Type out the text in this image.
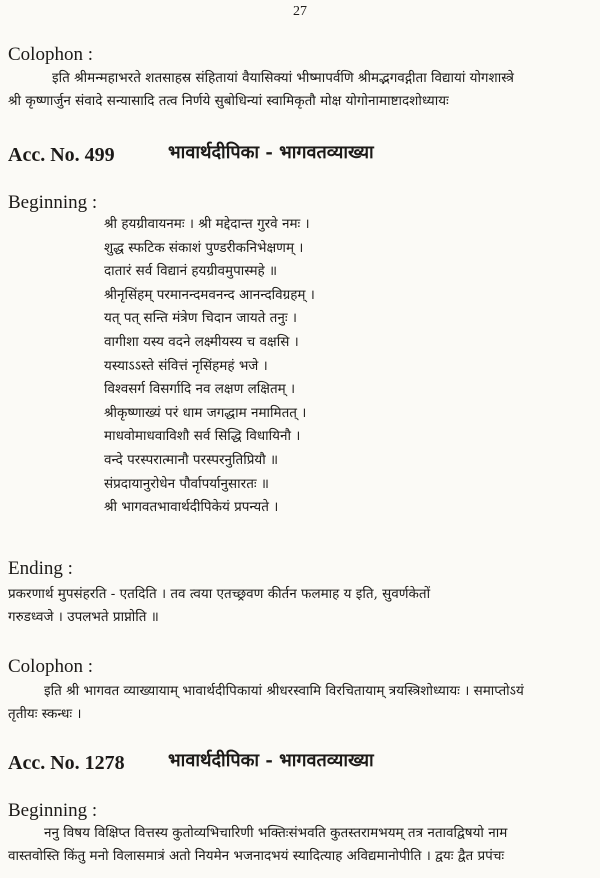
27
Colophon :
इति श्रीमन्महाभरते शतसाहस्र संहितायां वैयासिक्यां भीष्मापर्वणि श्रीमद्भगवद्गीता विद्यायां योगशास्त्रे
श्री कृष्णार्जुन संवादे सन्यासादि तत्व निर्णये सुबोधिन्यां स्वामिकृतौ मोक्ष योगोनामाष्टादशोध्यायः
Acc. No. 499	भावार्थदीपिका - भागवतव्याख्या
Beginning :
श्री हयग्रीवायनमः । श्री मद्देदान्त गुरवे नमः ।
शुद्ध स्फटिक संकाशं पुण्डरीकनिभेक्षणम् ।
दातारं सर्व विद्यानं हयग्रीवमुपास्महे ॥
श्रीनृसिंहम् परमानन्दमवनन्द आनन्दविग्रहम् ।
यत् पत् सन्ति मंत्रेण चिदान जायते तनुः ।
वागीशा यस्य वदने लक्ष्मीयस्य च वक्षसि ।
यस्याऽऽस्ते संवित्तं नृसिंहमहं भजे ।
विश्वसर्ग विसर्गादि नव लक्षण लक्षितम् ।
श्रीकृष्णाख्यं परं धाम जगद्धाम नमामितत् ।
माधवोमाधवाविशौ सर्व सिद्धि विधायिनौ ।
वन्दे परस्परात्मानौ परस्परनुतिप्रियौ ॥
संप्रदायानुरोधेन पौर्वापर्यानुसारतः ॥
श्री भागवतभावार्थदीपिकेयं प्रपन्यते ।
Ending :
प्रकरणार्थ मुपसंहरति - एतदिति । तव त्वया एतच्छ्रवण कीर्तन फलमाह य इति, सुवर्णकेतों
गरुडध्वजे । उपलभते प्राप्नोति ॥
Colophon :
इति श्री भागवत व्याख्यायाम् भावार्थदीपिकायां श्रीधरस्वामि विरचितायाम् त्रयस्त्रिशोध्यायः । समाप्तोऽयं
तृतीयः स्कन्धः ।
Acc. No. 1278 भावार्थदीपिका - भागवतव्याख्या
Beginning :
ननु विषय विक्षिप्त वित्तस्य कुतोव्यभिचारिणी भक्तिःसंभवति कुतस्तरामभयम् तत्र नतावद्विषयो नाम
वास्तवोस्ति किंतु मनो विलासमात्रं अतो नियमेन भजनादभयं स्यादित्याह अविद्यमानोपीति । द्वयः द्वैत प्रपंचः
